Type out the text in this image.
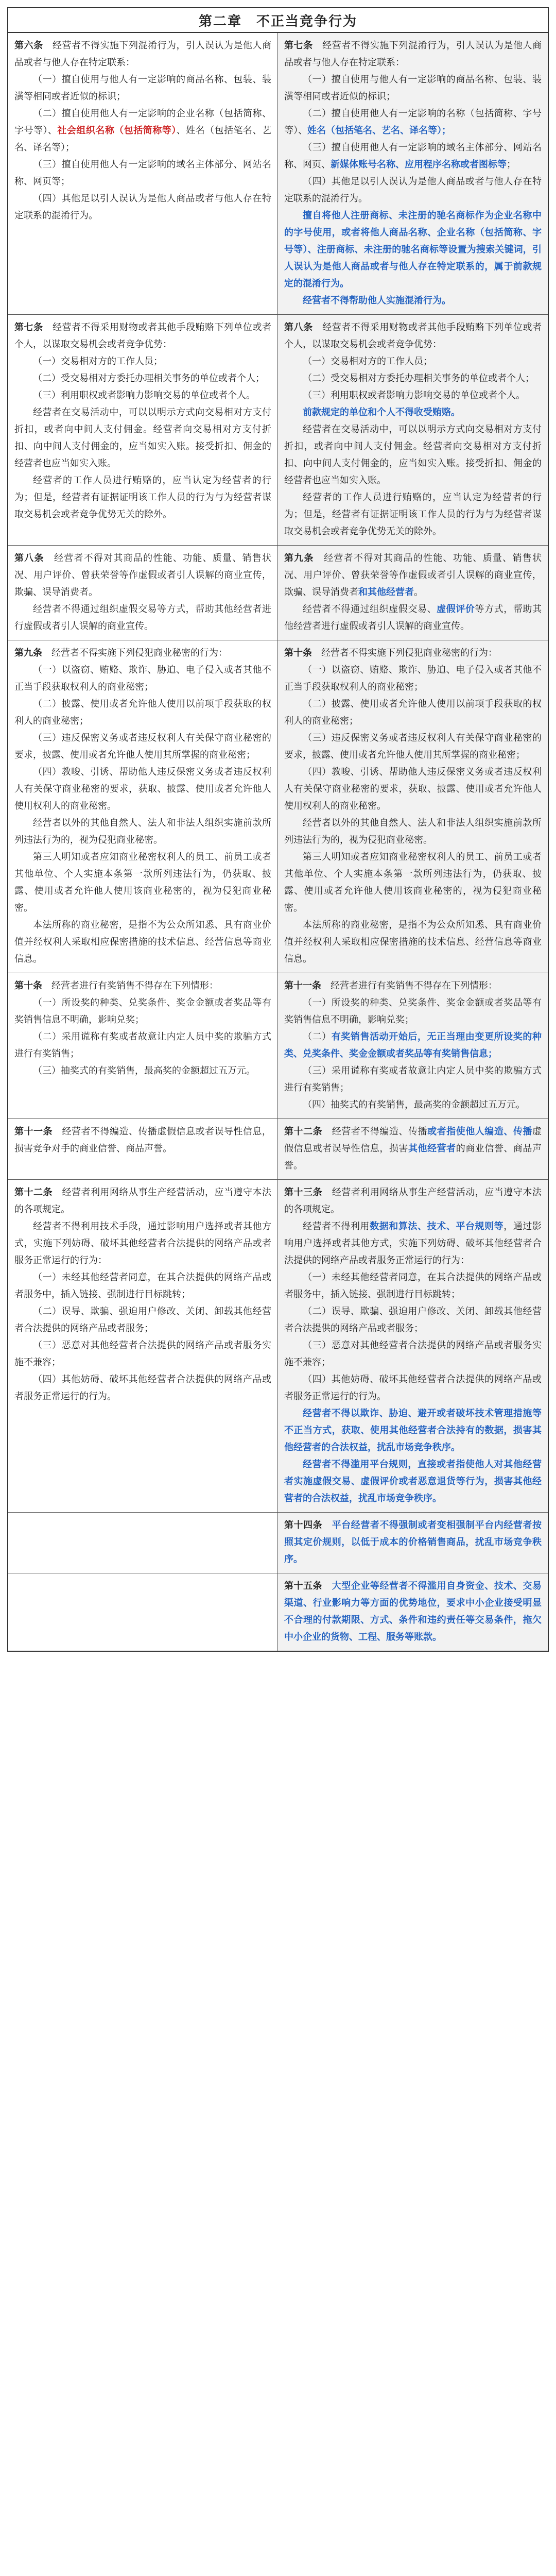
第二章　不正当竞争行为

第六条　经营者不得实施下列混淆行为，引人误认为是他人商品或者与他人存在特定联系：

（一）擅自使用与他人有一定影响的商品名称、包装、装潢等相同或者近似的标识；

（二）擅自使用他人有一定影响的企业名称（包括简称、字号等）、社会组织名称（包括简称等）、姓名（包括笔名、艺名、译名等）；

（三）擅自使用他人有一定影响的域名主体部分、网站名称、网页等；

（四）其他足以引人误认为是他人商品或者与他人存在特定联系的混淆行为。

第七条　经营者不得实施下列混淆行为，引人误认为是他人商品或者与他人存在特定联系：

（一）擅自使用与他人有一定影响的商品名称、包装、装潢等相同或者近似的标识；

（二）擅自使用他人有一定影响的名称（包括简称、字号等）、姓名（包括笔名、艺名、译名等）；

（三）擅自使用他人有一定影响的域名主体部分、网站名称、网页、新媒体账号名称、应用程序名称或者图标等；

（四）其他足以引人误认为是他人商品或者与他人存在特定联系的混淆行为。

擅自将他人注册商标、未注册的驰名商标作为企业名称中的字号使用，或者将他人商品名称、企业名称（包括简称、字号等）、注册商标、未注册的驰名商标等设置为搜索关键词，引人误认为是他人商品或者与他人存在特定联系的，属于前款规定的混淆行为。

经营者不得帮助他人实施混淆行为。

第七条　经营者不得采用财物或者其他手段贿赂下列单位或者个人，以谋取交易机会或者竞争优势：

（一）交易相对方的工作人员；

（二）受交易相对方委托办理相关事务的单位或者个人；

（三）利用职权或者影响力影响交易的单位或者个人。

经营者在交易活动中，可以以明示方式向交易相对方支付折扣，或者向中间人支付佣金。经营者向交易相对方支付折扣、向中间人支付佣金的，应当如实入账。接受折扣、佣金的经营者也应当如实入账。

经营者的工作人员进行贿赂的，应当认定为经营者的行为；但是，经营者有证据证明该工作人员的行为与为经营者谋取交易机会或者竞争优势无关的除外。

第八条　经营者不得采用财物或者其他手段贿赂下列单位或者个人，以谋取交易机会或者竞争优势：

（一）交易相对方的工作人员；

（二）受交易相对方委托办理相关事务的单位或者个人；

（三）利用职权或者影响力影响交易的单位或者个人。

前款规定的单位和个人不得收受贿赂。

经营者在交易活动中，可以以明示方式向交易相对方支付折扣，或者向中间人支付佣金。经营者向交易相对方支付折扣、向中间人支付佣金的，应当如实入账。接受折扣、佣金的经营者也应当如实入账。

经营者的工作人员进行贿赂的，应当认定为经营者的行为；但是，经营者有证据证明该工作人员的行为与为经营者谋取交易机会或者竞争优势无关的除外。

第八条　经营者不得对其商品的性能、功能、质量、销售状况、用户评价、曾获荣誉等作虚假或者引人误解的商业宣传，欺骗、误导消费者。

经营者不得通过组织虚假交易等方式，帮助其他经营者进行虚假或者引人误解的商业宣传。

第九条　经营者不得对其商品的性能、功能、质量、销售状况、用户评价、曾获荣誉等作虚假或者引人误解的商业宣传，欺骗、误导消费者和其他经营者。

经营者不得通过组织虚假交易、虚假评价等方式，帮助其他经营者进行虚假或者引人误解的商业宣传。

第九条　经营者不得实施下列侵犯商业秘密的行为：

（一）以盗窃、贿赂、欺诈、胁迫、电子侵入或者其他不正当手段获取权利人的商业秘密；

（二）披露、使用或者允许他人使用以前项手段获取的权利人的商业秘密；

（三）违反保密义务或者违反权利人有关保守商业秘密的要求，披露、使用或者允许他人使用其所掌握的商业秘密；

（四）教唆、引诱、帮助他人违反保密义务或者违反权利人有关保守商业秘密的要求，获取、披露、使用或者允许他人使用权利人的商业秘密。

经营者以外的其他自然人、法人和非法人组织实施前款所列违法行为的，视为侵犯商业秘密。

第三人明知或者应知商业秘密权利人的员工、前员工或者其他单位、个人实施本条第一款所列违法行为，仍获取、披露、使用或者允许他人使用该商业秘密的，视为侵犯商业秘密。

本法所称的商业秘密，是指不为公众所知悉、具有商业价值并经权利人采取相应保密措施的技术信息、经营信息等商业信息。

第十条　经营者不得实施下列侵犯商业秘密的行为：

（一）以盗窃、贿赂、欺诈、胁迫、电子侵入或者其他不正当手段获取权利人的商业秘密；

（二）披露、使用或者允许他人使用以前项手段获取的权利人的商业秘密；

（三）违反保密义务或者违反权利人有关保守商业秘密的要求，披露、使用或者允许他人使用其所掌握的商业秘密；

（四）教唆、引诱、帮助他人违反保密义务或者违反权利人有关保守商业秘密的要求，获取、披露、使用或者允许他人使用权利人的商业秘密。

经营者以外的其他自然人、法人和非法人组织实施前款所列违法行为的，视为侵犯商业秘密。

第三人明知或者应知商业秘密权利人的员工、前员工或者其他单位、个人实施本条第一款所列违法行为，仍获取、披露、使用或者允许他人使用该商业秘密的，视为侵犯商业秘密。

本法所称的商业秘密，是指不为公众所知悉、具有商业价值并经权利人采取相应保密措施的技术信息、经营信息等商业信息。

第十条　经营者进行有奖销售不得存在下列情形：

（一）所设奖的种类、兑奖条件、奖金金额或者奖品等有奖销售信息不明确，影响兑奖；

（二）采用谎称有奖或者故意让内定人员中奖的欺骗方式进行有奖销售；

（三）抽奖式的有奖销售，最高奖的金额超过五万元。

第十一条　经营者进行有奖销售不得存在下列情形：

（一）所设奖的种类、兑奖条件、奖金金额或者奖品等有奖销售信息不明确，影响兑奖；

（二）有奖销售活动开始后，无正当理由变更所设奖的种类、兑奖条件、奖金金额或者奖品等有奖销售信息；

（三）采用谎称有奖或者故意让内定人员中奖的欺骗方式进行有奖销售；

（四）抽奖式的有奖销售，最高奖的金额超过五万元。

第十一条　经营者不得编造、传播虚假信息或者误导性信息，损害竞争对手的商业信誉、商品声誉。

第十二条　经营者不得编造、传播或者指使他人编造、传播虚假信息或者误导性信息，损害其他经营者的商业信誉、商品声誉。

第十二条　经营者利用网络从事生产经营活动，应当遵守本法的各项规定。

经营者不得利用技术手段，通过影响用户选择或者其他方式，实施下列妨碍、破坏其他经营者合法提供的网络产品或者服务正常运行的行为：

（一）未经其他经营者同意，在其合法提供的网络产品或者服务中，插入链接、强制进行目标跳转；

（二）误导、欺骗、强迫用户修改、关闭、卸载其他经营者合法提供的网络产品或者服务；

（三）恶意对其他经营者合法提供的网络产品或者服务实施不兼容；

（四）其他妨碍、破坏其他经营者合法提供的网络产品或者服务正常运行的行为。

第十三条　经营者利用网络从事生产经营活动，应当遵守本法的各项规定。

经营者不得利用数据和算法、技术、平台规则等，通过影响用户选择或者其他方式，实施下列妨碍、破坏其他经营者合法提供的网络产品或者服务正常运行的行为：

（一）未经其他经营者同意，在其合法提供的网络产品或者服务中，插入链接、强制进行目标跳转；

（二）误导、欺骗、强迫用户修改、关闭、卸载其他经营者合法提供的网络产品或者服务；

（三）恶意对其他经营者合法提供的网络产品或者服务实施不兼容；

（四）其他妨碍、破坏其他经营者合法提供的网络产品或者服务正常运行的行为。

经营者不得以欺诈、胁迫、避开或者破坏技术管理措施等不正当方式，获取、使用其他经营者合法持有的数据，损害其他经营者的合法权益，扰乱市场竞争秩序。

经营者不得滥用平台规则，直接或者指使他人对其他经营者实施虚假交易、虚假评价或者恶意退货等行为，损害其他经营者的合法权益，扰乱市场竞争秩序。

第十四条　 平台经营者不得强制或者变相强制平台内经营者按照其定价规则，以低于成本的价格销售商品，扰乱市场竞争秩序。

第十五条　 大型企业等经营者不得滥用自身资金、技术、交易渠道、行业影响力等方面的优势地位，要求中小企业接受明显不合理的付款期限、方式、条件和违约责任等交易条件，拖欠中小企业的货物、工程、服务等账款。
